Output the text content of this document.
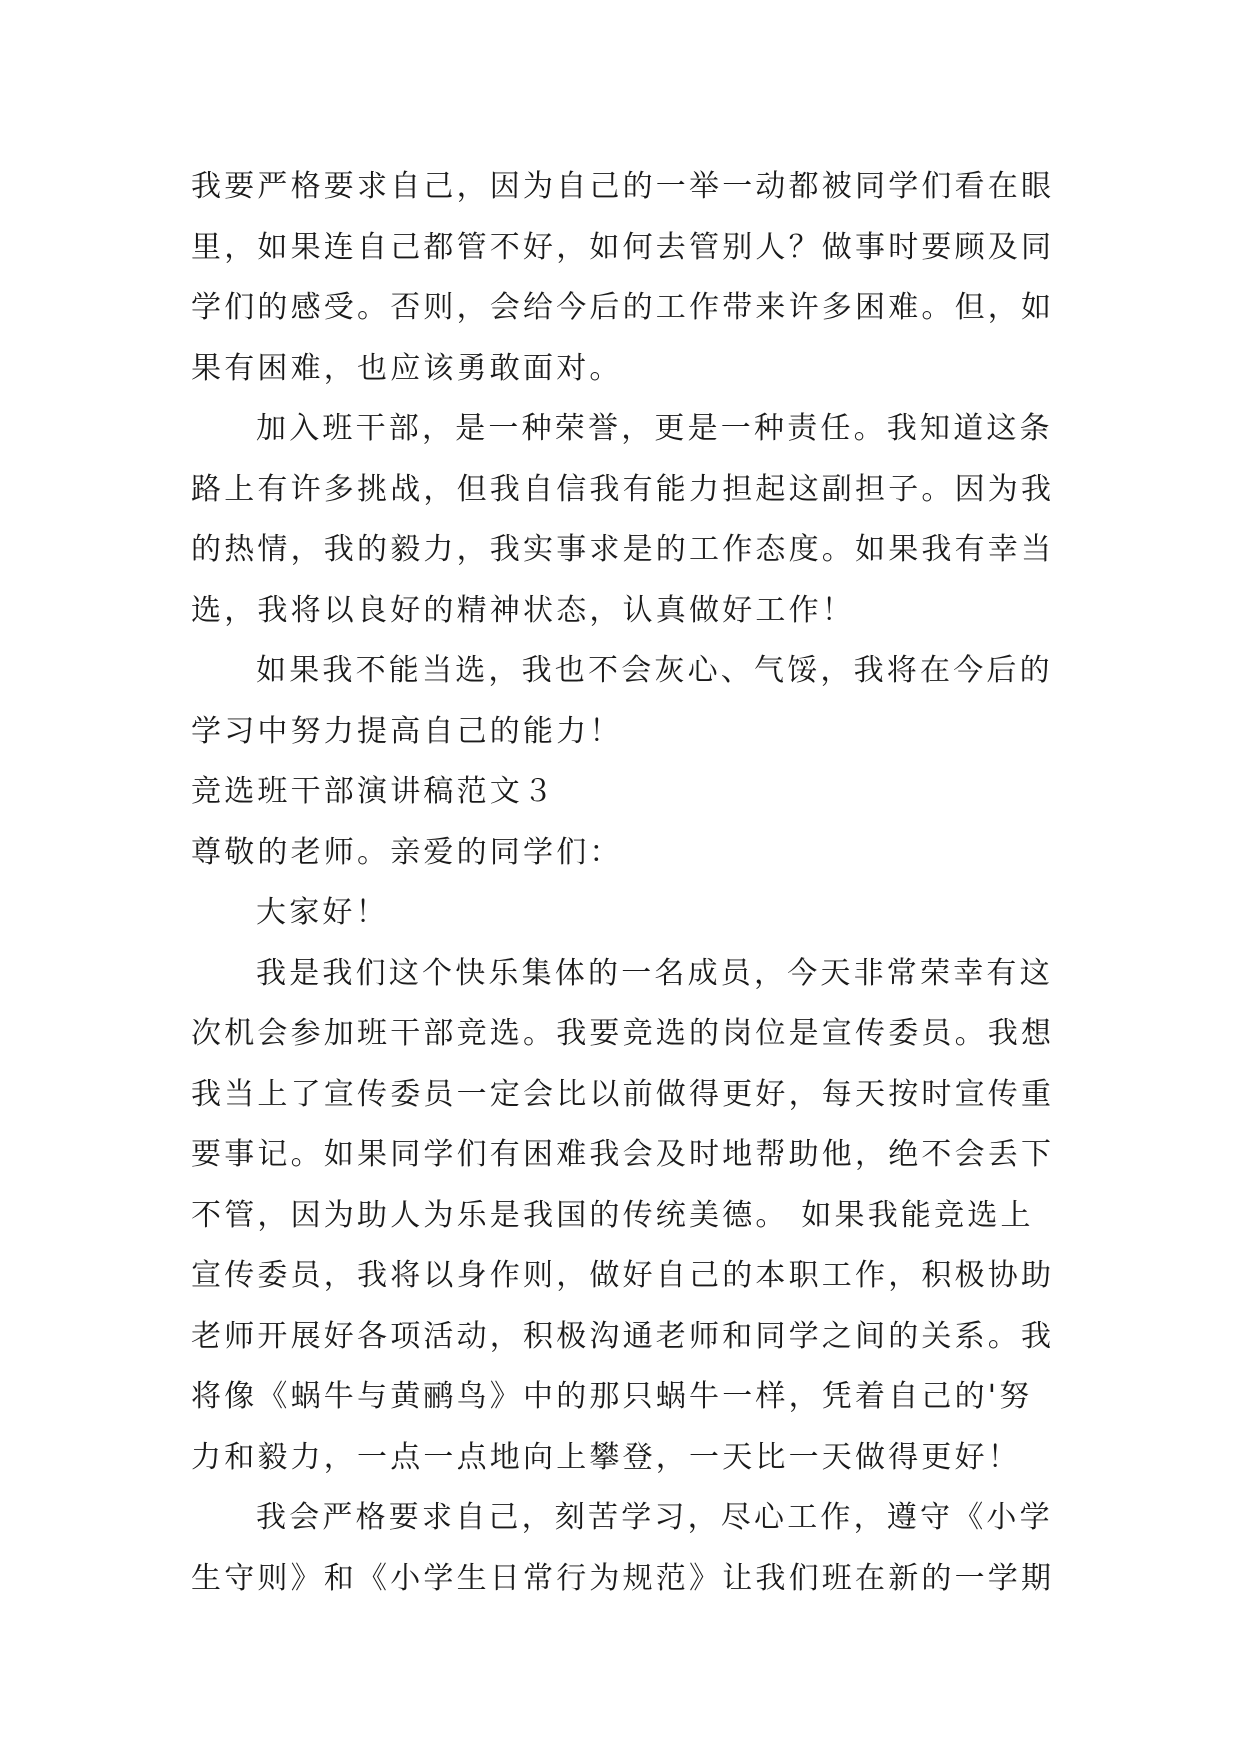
我要严格要求自己，因为自己的一举一动都被同学们看在眼
里，如果连自己都管不好，如何去管别人？做事时要顾及同
学们的感受。否则，会给今后的工作带来许多困难。但，如
果有困难，也应该勇敢面对。
加入班干部，是一种荣誉，更是一种责任。我知道这条
路上有许多挑战，但我自信我有能力担起这副担子。因为我
的热情，我的毅力，我实事求是的工作态度。如果我有幸当
选，我将以良好的精神状态，认真做好工作！
如果我不能当选，我也不会灰心、气馁，我将在今后的
学习中努力提高自己的能力！
竞选班干部演讲稿范文３
尊敬的老师。亲爱的同学们：
大家好！
我是我们这个快乐集体的一名成员，今天非常荣幸有这
次机会参加班干部竞选。我要竞选的岗位是宣传委员。我想
我当上了宣传委员一定会比以前做得更好，每天按时宣传重
要事记。如果同学们有困难我会及时地帮助他，绝不会丢下
不管，因为助人为乐是我国的传统美德。 如果我能竞选上
宣传委员，我将以身作则，做好自己的本职工作，积极协助
老师开展好各项活动，积极沟通老师和同学之间的关系。我
将像《蜗牛与黄鹂鸟》中的那只蜗牛一样，凭着自己的'努
力和毅力，一点一点地向上攀登，一天比一天做得更好！
我会严格要求自己，刻苦学习，尽心工作，遵守《小学
生守则》和《小学生日常行为规范》让我们班在新的一学期
